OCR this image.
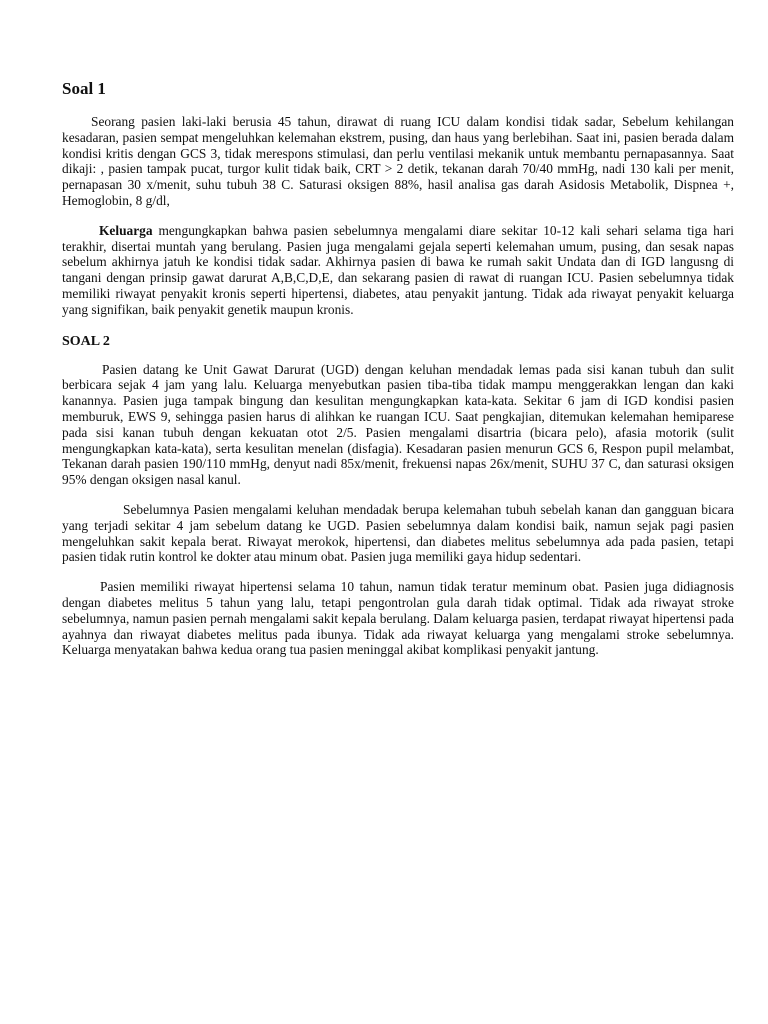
Soal 1

Seorang pasien laki-laki berusia 45 tahun, dirawat di ruang ICU dalam kondisi tidak sadar, Sebelum kehilangan kesadaran, pasien sempat mengeluhkan kelemahan ekstrem, pusing, dan haus yang berlebihan. Saat ini, pasien berada dalam kondisi kritis dengan GCS 3, tidak merespons stimulasi, dan perlu ventilasi mekanik untuk membantu pernapasannya. Saat dikaji: , pasien tampak pucat, turgor kulit tidak baik, CRT > 2 detik, tekanan darah 70/40 mmHg, nadi 130 kali per menit, pernapasan 30 x/menit, suhu tubuh 38 C. Saturasi oksigen 88%, hasil analisa gas darah Asidosis Metabolik, Dispnea +, Hemoglobin, 8 g/dl,

Keluarga mengungkapkan bahwa pasien sebelumnya mengalami diare sekitar 10-12 kali sehari selama tiga hari terakhir, disertai muntah yang berulang. Pasien juga mengalami gejala seperti kelemahan umum, pusing, dan sesak napas sebelum akhirnya jatuh ke kondisi tidak sadar. Akhirnya pasien di bawa ke rumah sakit Undata dan di IGD langusng di tangani dengan prinsip gawat darurat A,B,C,D,E, dan sekarang pasien di rawat di ruangan ICU. Pasien sebelumnya tidak memiliki riwayat penyakit kronis seperti hipertensi, diabetes, atau penyakit jantung. Tidak ada riwayat penyakit keluarga yang signifikan, baik penyakit genetik maupun kronis.

SOAL 2

Pasien datang ke Unit Gawat Darurat (UGD) dengan keluhan mendadak lemas pada sisi kanan tubuh dan sulit berbicara sejak 4 jam yang lalu. Keluarga menyebutkan pasien tiba-tiba tidak mampu menggerakkan lengan dan kaki kanannya. Pasien juga tampak bingung dan kesulitan mengungkapkan kata-kata. Sekitar 6 jam di IGD kondisi pasien memburuk, EWS 9, sehingga pasien harus di alihkan ke ruangan ICU. Saat pengkajian, ditemukan kelemahan hemiparese pada sisi kanan tubuh dengan kekuatan otot 2/5. Pasien mengalami disartria (bicara pelo), afasia motorik (sulit mengungkapkan kata-kata), serta kesulitan menelan (disfagia). Kesadaran pasien menurun GCS 6, Respon pupil melambat, Tekanan darah pasien 190/110 mmHg, denyut nadi 85x/menit, frekuensi napas 26x/menit, SUHU 37 C, dan saturasi oksigen 95% dengan oksigen nasal kanul.

Sebelumnya Pasien mengalami keluhan mendadak berupa kelemahan tubuh sebelah kanan dan gangguan bicara yang terjadi sekitar 4 jam sebelum datang ke UGD. Pasien sebelumnya dalam kondisi baik, namun sejak pagi pasien mengeluhkan sakit kepala berat. Riwayat merokok, hipertensi, dan diabetes melitus sebelumnya ada pada pasien, tetapi pasien tidak rutin kontrol ke dokter atau minum obat. Pasien juga memiliki gaya hidup sedentari.

Pasien memiliki riwayat hipertensi selama 10 tahun, namun tidak teratur meminum obat. Pasien juga didiagnosis dengan diabetes melitus 5 tahun yang lalu, tetapi pengontrolan gula darah tidak optimal. Tidak ada riwayat stroke sebelumnya, namun pasien pernah mengalami sakit kepala berulang. Dalam keluarga pasien, terdapat riwayat hipertensi pada ayahnya dan riwayat diabetes melitus pada ibunya. Tidak ada riwayat keluarga yang mengalami stroke sebelumnya. Keluarga menyatakan bahwa kedua orang tua pasien meninggal akibat komplikasi penyakit jantung.
